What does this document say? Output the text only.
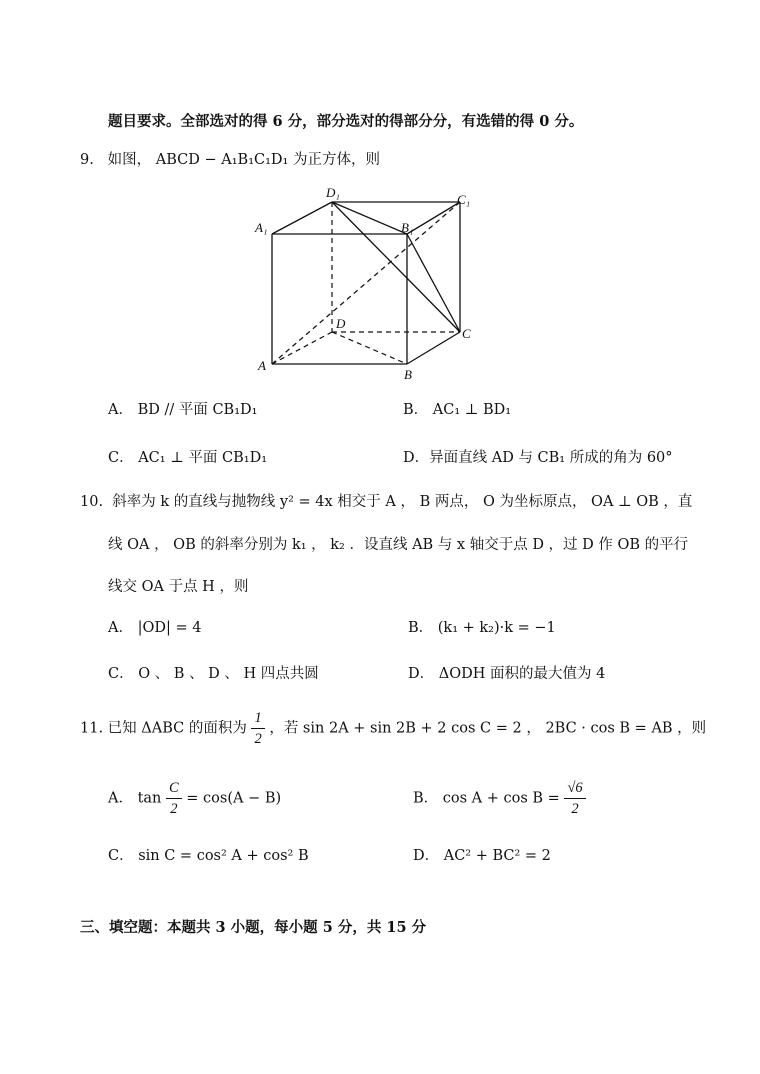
题目要求。全部选对的得 6 分，部分选对的得部分分，有选错的得 0 分。
9. 如图， ABCD − A₁B₁C₁D₁ 为正方体，则
D₁	C₁
A₁	B₁
D
C
A
B
A． BD // 平面 CB₁D₁	B． AC₁ ⊥ BD₁
C． AC₁ ⊥ 平面 CB₁D₁	D．异面直线 AD 与 CB₁ 所成的角为 60°
10. 斜率为 k 的直线与抛物线 y² = 4x 相交于 A ， B 两点， O 为坐标原点， OA ⊥ OB ，直
线 OA ， OB 的斜率分别为 k₁ ， k₂ ．设直线 AB 与 x 轴交于点 D ，过 D 作 OB 的平行
线交 OA 于点 H ，则
A． |OD| = 4	B． (k₁ + k₂)·k = −1
C． O 、 B 、 D 、 H 四点共圆	D． ΔODH 面积的最大值为 4
11. 已知 ΔABC 的面积为 $\frac{1}{2}$ ，若 sin 2A + sin 2B + 2 cos C = 2 ， 2BC · cos B = AB ，则
A． $\tan \frac{C}{2} = \cos(A - B)$	B． $\cos A + \cos B = \frac{√6}{2}$
C． sin C = cos² A + cos² B	D． AC² + BC² = 2
三、填空题：本题共 3 小题，每小题 5 分，共 15 分
